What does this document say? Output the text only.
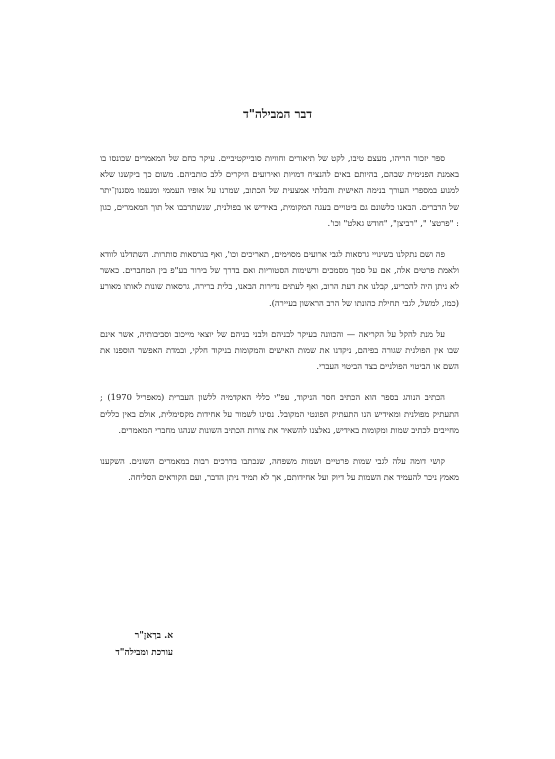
דבר המבילה"ד

ספר יזכור הריהו, מעצם טיבו, לקט של תיאורים וחוויות סובייקטיביים. עיקר כחם של המאמרים שכונסו בו באמנת הפנימית שבהם, בהיותם באים להנציח דמויות ואירועים היקרים ללב כותביהם. משום כך ביקשנו שלא למנוע במספרי העורך בנימה האישית והבלתי אמצעית של הכתוב, שמרנו על אופיו העממי ומנעמו מסגנון־יתר של הדברים. הבאנו כלשונם גם ביטויים בעגה המקומית, באידיש או בפולנית, שנשתרבבו אל תוך המאמרים, כגון : "פרטצ' ", "רביצן", "חודש גאלט" וכו'.

פה ושם נתקלנו בשינויי גרסאות לגבי ארועים מסוימים, תאריכים וכו', ואף בגרסאות סותרות. השתדלנו לוודא ולאמת פרטים אלה, אם על סמך מסמכים ורשימות הסטוריות ואם בדרך של בירור בע"פ בין המחברים. כאשר לא ניתן היה להכריע, קבלנו את דעת הרוב, ואף לעתים נדירות הבאנו, בלית ברירה, גרסאות שונות לאותו מאורע (כמו, למשל, לגבי תחילת כהונתו של הרב הראשון בעיירה).

על מנת להקל על הקריאה — והכוונה בעיקר לבניהם ולבני בניהם של יוצאי מייכוב וסביבותיה, אשר אינם שבו אין הפולנית שגורה בפיהם, ניקדנו את שמות האישים והמקומות בניקוד חלקי, ובמדת האפשר הוספנו את השם או הביטוי הפולניים בצד הביטוי העברי.

הכתיב הנוהג בספר הוא הכתיב חסר הניקוד, עפ"י כללי האקדמיה ללשון העברית (מאפריל 1970) ; התעתיק מפולנית ומאידיש הנו התעתיק הפונטי המקובל. נסינו לשמור על אחידות מקסימלית, אולם באין כללים מחייבים לכתיב שמות ומקומות באידיש, נאלצנו להשאיר את צורות הכתיב השונות שנהגו מחברי המאמרים.

קושי דומה עלה לגבי שמות פרטיים ושמות משפחה, שנכתבו בדרכים רבות במאמרים השונים. השקענו מאמץ ניכר להעמיד את השמות על דיוק ועל אחידותם, אך לא תמיד ניתן הדבר, ועם הקוראים הסליחה.

א. ברַאזֶ"ר
עורכת ומבילה"ד
